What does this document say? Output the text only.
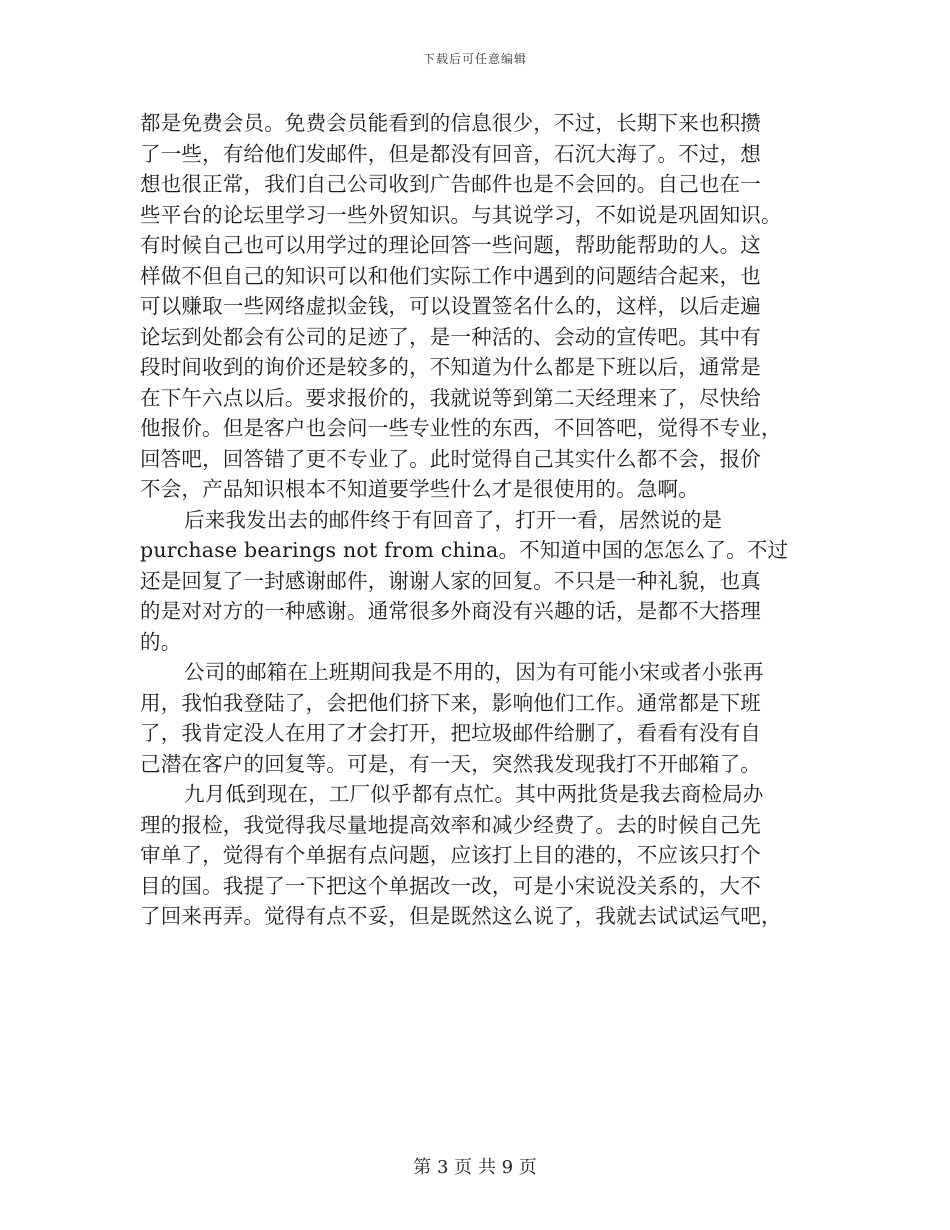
下载后可任意编辑

都是免费会员。免费会员能看到的信息很少，不过，长期下来也积攒
了一些，有给他们发邮件，但是都没有回音，石沉大海了。不过，想
想也很正常，我们自己公司收到广告邮件也是不会回的。自己也在一
些平台的论坛里学习一些外贸知识。与其说学习，不如说是巩固知识。
有时候自己也可以用学过的理论回答一些问题，帮助能帮助的人。这
样做不但自己的知识可以和他们实际工作中遇到的问题结合起来，也
可以赚取一些网络虚拟金钱，可以设置签名什么的，这样，以后走遍
论坛到处都会有公司的足迹了，是一种活的、会动的宣传吧。其中有
段时间收到的询价还是较多的，不知道为什么都是下班以后，通常是
在下午六点以后。要求报价的，我就说等到第二天经理来了，尽快给
他报价。但是客户也会问一些专业性的东西，不回答吧，觉得不专业，
回答吧，回答错了更不专业了。此时觉得自己其实什么都不会，报价
不会，产品知识根本不知道要学些什么才是很使用的。急啊。

后来我发出去的邮件终于有回音了，打开一看，居然说的是
purchase bearings not from china。不知道中国的怎怎么了。不过
还是回复了一封感谢邮件，谢谢人家的回复。不只是一种礼貌，也真
的是对对方的一种感谢。通常很多外商没有兴趣的话，是都不大搭理
的。

公司的邮箱在上班期间我是不用的，因为有可能小宋或者小张再
用，我怕我登陆了，会把他们挤下来，影响他们工作。通常都是下班
了，我肯定没人在用了才会打开，把垃圾邮件给删了，看看有没有自
己潜在客户的回复等。可是，有一天，突然我发现我打不开邮箱了。

九月低到现在，工厂似乎都有点忙。其中两批货是我去商检局办
理的报检，我觉得我尽量地提高效率和减少经费了。去的时候自己先
审单了，觉得有个单据有点问题，应该打上目的港的，不应该只打个
目的国。我提了一下把这个单据改一改，可是小宋说没关系的，大不
了回来再弄。觉得有点不妥，但是既然这么说了，我就去试试运气吧，

第 3 页 共 9 页
